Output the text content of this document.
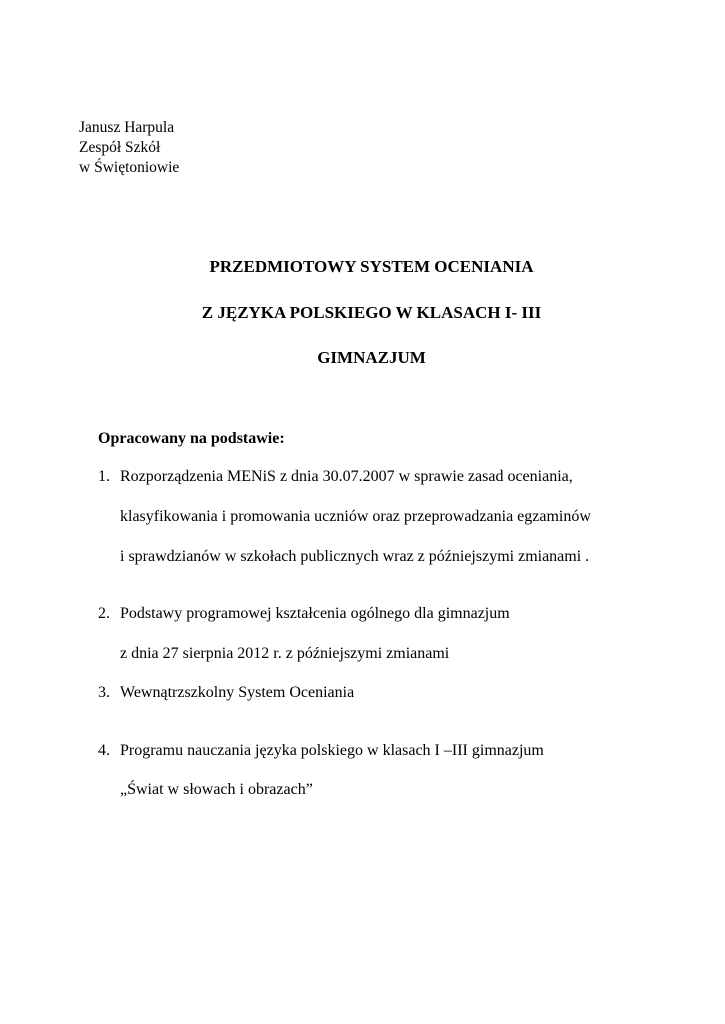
Janusz Harpula
Zespół Szkół
w Świętoniowie
PRZEDMIOTOWY SYSTEM OCENIANIA
Z JĘZYKA POLSKIEGO W KLASACH I- III
GIMNAZJUM
Opracowany na podstawie:
1. Rozporządzenia MENiS z dnia 30.07.2007 w sprawie zasad oceniania,
klasyfikowania i promowania uczniów oraz przeprowadzania egzaminów
i sprawdzianów w szkołach publicznych wraz z późniejszymi zmianami .
2. Podstawy programowej kształcenia ogólnego dla gimnazjum
z dnia 27 sierpnia 2012 r. z późniejszymi zmianami
3. Wewnątrzszkolny System Oceniania
4. Programu nauczania języka polskiego w klasach I –III gimnazjum
„Świat w słowach i obrazach”
